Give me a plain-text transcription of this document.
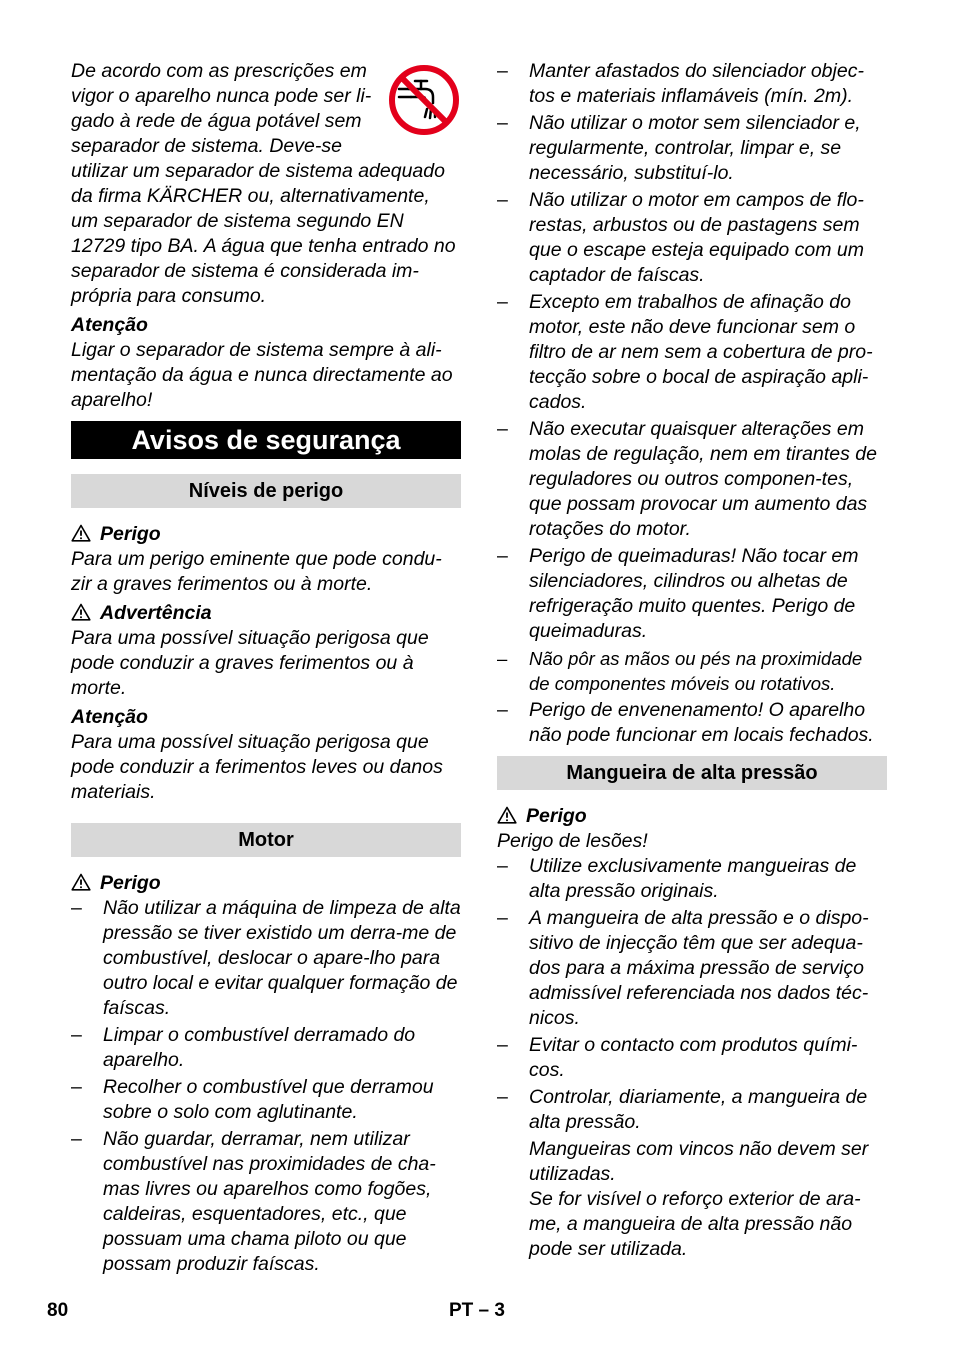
De acordo com as prescrições em vigor o aparelho nunca pode ser li-gado à rede de água potável sem separador de sistema. Deve-se

utilizar um separador de sistema adequado da firma KÄRCHER ou, alternativamente, um separador de sistema segundo EN 12729 tipo BA. A água que tenha entrado no separador de sistema é considerada im-própria para consumo.

Atenção

Ligar o separador de sistema sempre à ali-mentação da água e nunca directamente ao aparelho!

Avisos de segurança
Níveis de perigo

Perigo

Para um perigo eminente que pode condu-zir a graves ferimentos ou à morte.

Advertência

Para uma possível situação perigosa que pode conduzir a graves ferimentos ou à morte.

Atenção

Para uma possível situação perigosa que pode conduzir a ferimentos leves ou danos materiais.

Motor

Perigo

– Não utilizar a máquina de limpeza de alta pressão se tiver existido um derra-me de combustível, deslocar o apare-lho para outro local e evitar qualquer formação de faíscas.
– Limpar o combustível derramado do aparelho.
– Recolher o combustível que derramou sobre o solo com aglutinante.
– Não guardar, derramar, nem utilizar combustível nas proximidades de cha-mas livres ou aparelhos como fogões, caldeiras, esquentadores, etc., que possuam uma chama piloto ou que possam produzir faíscas.
– Manter afastados do silenciador objec-tos e materiais inflamáveis (mín. 2m).
– Não utilizar o motor sem silenciador e, regularmente, controlar, limpar e, se necessário, substituí-lo.
– Não utilizar o motor em campos de flo-restas, arbustos ou de pastagens sem que o escape esteja equipado com um captador de faíscas.
– Excepto em trabalhos de afinação do motor, este não deve funcionar sem o filtro de ar nem sem a cobertura de pro-tecção sobre o bocal de aspiração apli-cados.
– Não executar quaisquer alterações em molas de regulação, nem em tirantes de reguladores ou outros componen-tes, que possam provocar um aumento das rotações do motor.
– Perigo de queimaduras! Não tocar em silenciadores, cilindros ou alhetas de refrigeração muito quentes. Perigo de queimaduras.
– Não pôr as mãos ou pés na proximidade de componentes móveis ou rotativos.
– Perigo de envenenamento! O aparelho não pode funcionar em locais fechados.
Mangueira de alta pressão

Perigo

Perigo de lesões!

– Utilize exclusivamente mangueiras de alta pressão originais.
– A mangueira de alta pressão e o dispo-sitivo de injecção têm que ser adequa-dos para a máxima pressão de serviço admissível referenciada nos dados téc-nicos.
– Evitar o contacto com produtos quími-cos.
– Controlar, diariamente, a mangueira de alta pressão.

Mangueiras com vincos não devem ser utilizadas.

Se for visível o reforço exterior de ara-me, a mangueira de alta pressão não pode ser utilizada.

80	PT – 3
